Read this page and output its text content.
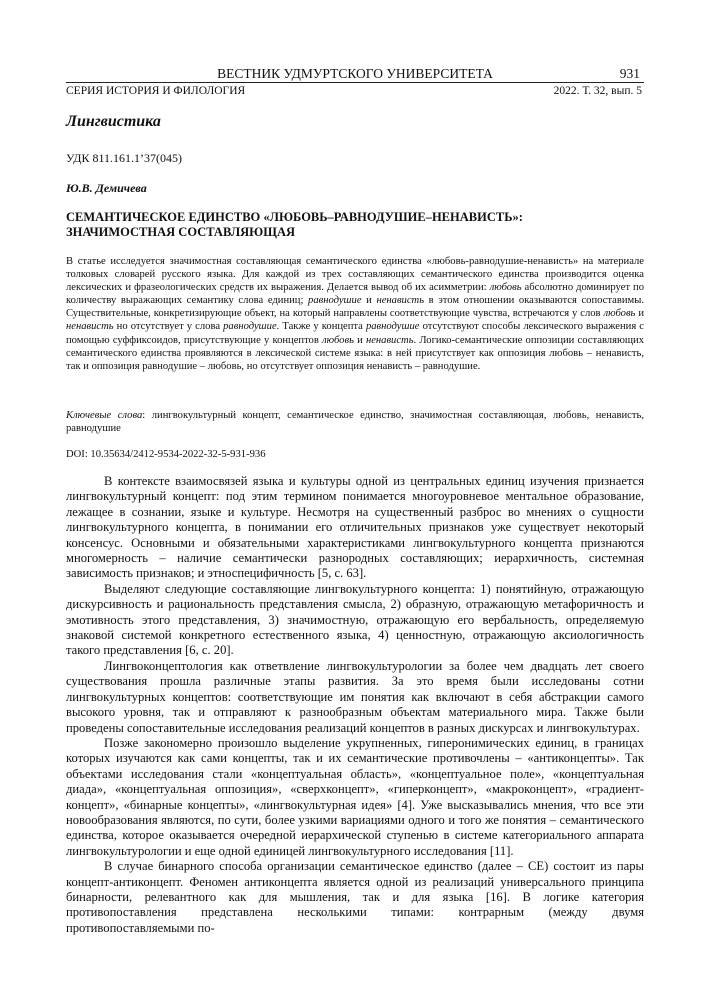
ВЕСТНИК УДМУРТСКОГО УНИВЕРСИТЕТА	931
СЕРИЯ ИСТОРИЯ И ФИЛОЛОГИЯ	2022. Т. 32, вып. 5
Лингвистика
УДК 811.161.1’37(045)
Ю.В. Демичева
СЕМАНТИЧЕСКОЕ ЕДИНСТВО «ЛЮБОВЬ–РАВНОДУШИЕ–НЕНАВИСТЬ»:
ЗНАЧИМОСТНАЯ СОСТАВЛЯЮЩАЯ
В статье исследуется значимостная составляющая семантического единства «любовь-равнодушие-ненависть» на материале толковых словарей русского языка. Для каждой из трех составляющих семантического единства производится оценка лексических и фразеологических средств их выражения. Делается вывод об их асимметрии: любовь абсолютно доминирует по количеству выражающих семантику слова единиц; равнодушие и ненависть в этом отношении оказываются сопоставимы. Существительные, конкретизирующие объект, на который направлены соответствующие чувства, встречаются у слов любовь и ненависть но отсутствует у слова равнодушие. Также у концепта равнодушие отсутствуют способы лексического выражения с помощью суффиксоидов, присутствующие у концептов любовь и ненависть. Логико-семантические оппозиции составляющих семантического единства проявляются в лексической системе языка: в ней присутствует как оппозиция любовь – ненависть, так и оппозиция равнодушие – любовь, но отсутствует оппозиция ненависть – равнодушие.
Ключевые слова: лингвокультурный концепт, семантическое единство, значимостная составляющая, любовь, ненависть, равнодушие
DOI: 10.35634/2412-9534-2022-32-5-931-936

В контексте взаимосвязей языка и культуры одной из центральных единиц изучения признается лингвокультурный концепт: под этим термином понимается многоуровневое ментальное образование, лежащее в сознании, языке и культуре. Несмотря на существенный разброс во мнениях о сущности лингвокультурного концепта, в понимании его отличительных признаков уже существует некоторый консенсус. Основными и обязательными характеристиками лингвокультурного концепта признаются многомерность – наличие семантически разнородных составляющих; иерархичность, системная зависимость признаков; и этноспецифичность [5, с. 63].

Выделяют следующие составляющие лингвокультурного концепта: 1) понятийную, отражающую дискурсивность и рациональность представления смысла, 2) образную, отражающую метафоричность и эмотивность этого представления, 3) значимостную, отражающую его вербальность, определяемую знаковой системой конкретного естественного языка, 4) ценностную, отражающую аксиологичность такого представления [6, с. 20].

Лингвоконцептология как ответвление лингвокультурологии за более чем двадцать лет своего существования прошла различные этапы развития. За это время были исследованы сотни лингвокультурных концептов: соответствующие им понятия как включают в себя абстракции самого высокого уровня, так и отправляют к разнообразным объектам материального мира. Также были проведены сопоставительные исследования реализаций концептов в разных дискурсах и лингвокультурах.

Позже закономерно произошло выделение укрупненных, гиперонимических единиц, в границах которых изучаются как сами концепты, так и их семантические противочлены – «антиконцепты». Так объектами исследования стали «концептуальная область», «концептуальное поле», «концептуальная диада», «концептуальная оппозиция», «сверхконцепт», «гиперконцепт», «макроконцепт», «градиент-концепт», «бинарные концепты», «лингвокультурная идея» [4]. Уже высказывались мнения, что все эти новообразования являются, по сути, более узкими вариациями одного и того же понятия – семантического единства, которое оказывается очередной иерархической ступенью в системе категориального аппарата лингвокультурологии и еще одной единицей лингвокультурного исследования [11].

В случае бинарного способа организации семантическое единство (далее – СЕ) состоит из пары концепт-антиконцепт. Феномен антиконцепта является одной из реализаций универсального принципа бинарности, релевантного как для мышления, так и для языка [16]. В логике категория противопоставления представлена несколькими типами: контрарным (между двумя противопоставляемыми по-
